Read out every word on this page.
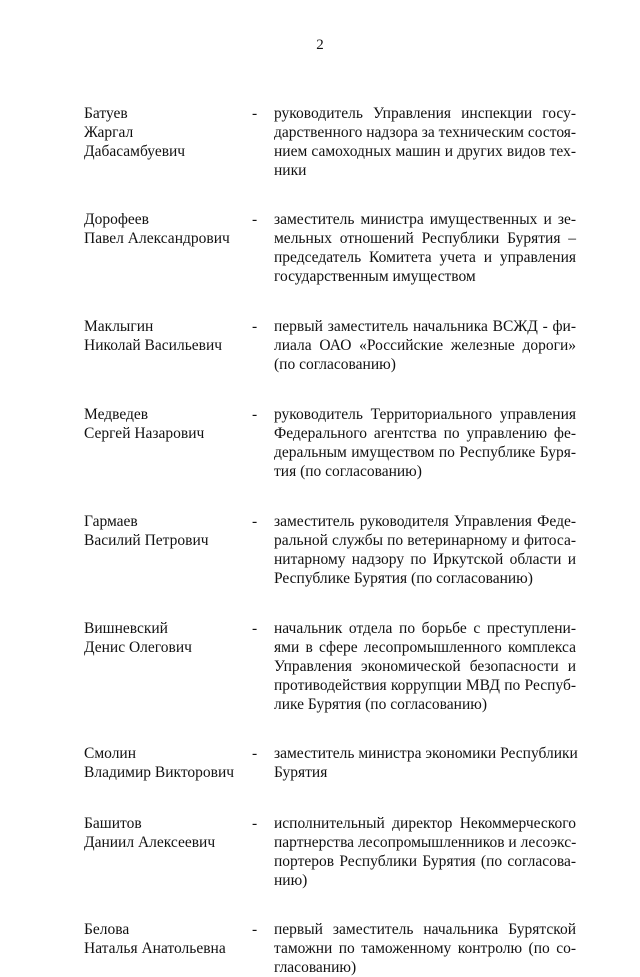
2
Батуев
Жаргал
Дабасамбуевич
-	руководитель Управления инспекции госу-
дарственного надзора за техническим состоя-
нием самоходных машин и других видов тех-
ники
Дорофеев
Павел Александрович
-	заместитель министра имущественных и зе-
мельных отношений Республики Бурятия –
председатель Комитета учета и управления
государственным имуществом
Маклыгин
Николай Васильевич
-	первый заместитель начальника ВСЖД - фи-
лиала ОАО «Российские железные дороги»
(по согласованию)
Медведев
Сергей Назарович
-	руководитель Территориального управления
Федерального агентства по управлению фе-
деральным имуществом по Республике Буря-
тия (по согласованию)
Гармаев
Василий Петрович
-	заместитель руководителя Управления Феде-
ральной службы по ветеринарному и фитоса-
нитарному надзору по Иркутской области и
Республике Бурятия (по согласованию)
Вишневский
Денис Олегович
-	начальник отдела по борьбе с преступлени-
ями в сфере лесопромышленного комплекса
Управления экономической безопасности и
противодействия коррупции МВД по Респуб-
лике Бурятия (по согласованию)
Смолин
Владимир Викторович
-	заместитель министра экономики Республики
Бурятия
Башитов
Даниил Алексеевич
-	исполнительный директор Некоммерческого
партнерства лесопромышленников и лесоэкс-
портеров Республики Бурятия (по согласова-
нию)
Белова
Наталья Анатольевна
-	первый заместитель начальника Бурятской
таможни по таможенному контролю (по со-
гласованию)
